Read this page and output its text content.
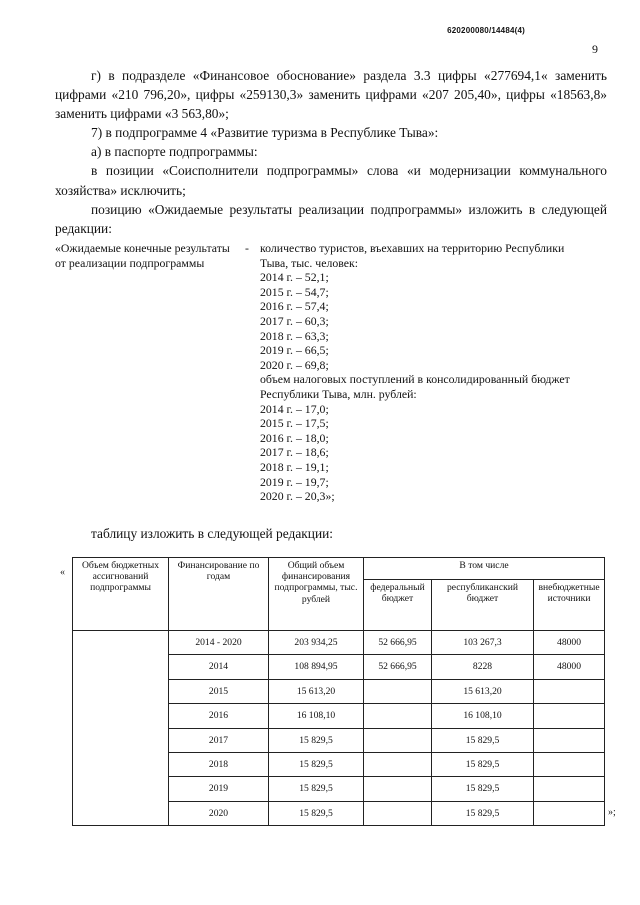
620200080/14484(4)
9

г) в подразделе «Финансовое обоснование» раздела 3.3 цифры «277694,1« заменить цифрами «210 796,20», цифры «259130,3» заменить цифрами «207 205,40», цифры «18563,8» заменить цифрами «3 563,80»;

7) в подпрограмме 4 «Развитие туризма в Республике Тыва»:

а) в паспорте подпрограммы:

в позиции «Соисполнители подпрограммы» слова «и модернизации коммунального хозяйства» исключить;

позицию «Ожидаемые результаты реализации подпрограммы» изложить в следующей редакции:

«Ожидаемые конечные результаты от реализации подпрограммы
- количество туристов, въехавших на территорию Республики
Тыва, тыс. человек:
2014 г. – 52,1;
2015 г. – 54,7;
2016 г. – 57,4;
2017 г. – 60,3;
2018 г. – 63,3;
2019 г. – 66,5;
2020 г. – 69,8;
объем налоговых поступлений в консолидированный бюджет
Республики Тыва, млн. рублей:
2014 г. – 17,0;
2015 г. – 17,5;
2016 г. – 18,0;
2017 г. – 18,6;
2018 г. – 19,1;
2019 г. – 19,7;
2020 г. – 20,3»;
таблицу изложить в следующей редакции:
«
Объем бюджетных ассигнований подпрограммы	Финансирование по годам	Общий объем финансирования подпрограммы, тыс. рублей	В том числе		
			федеральный бюджет	республиканский бюджет	внебюджетные источники
	2014 - 2020	203 934,25	52 666,95	103 267,3	48000
	2014	108 894,95	52 666,95	8228	48000
	2015	15 613,20		15 613,20	
	2016	16 108,10		16 108,10	
	2017	15 829,5		15 829,5	
	2018	15 829,5		15 829,5	
	2019	15 829,5		15 829,5	
	2020	15 829,5		15 829,5		»;
